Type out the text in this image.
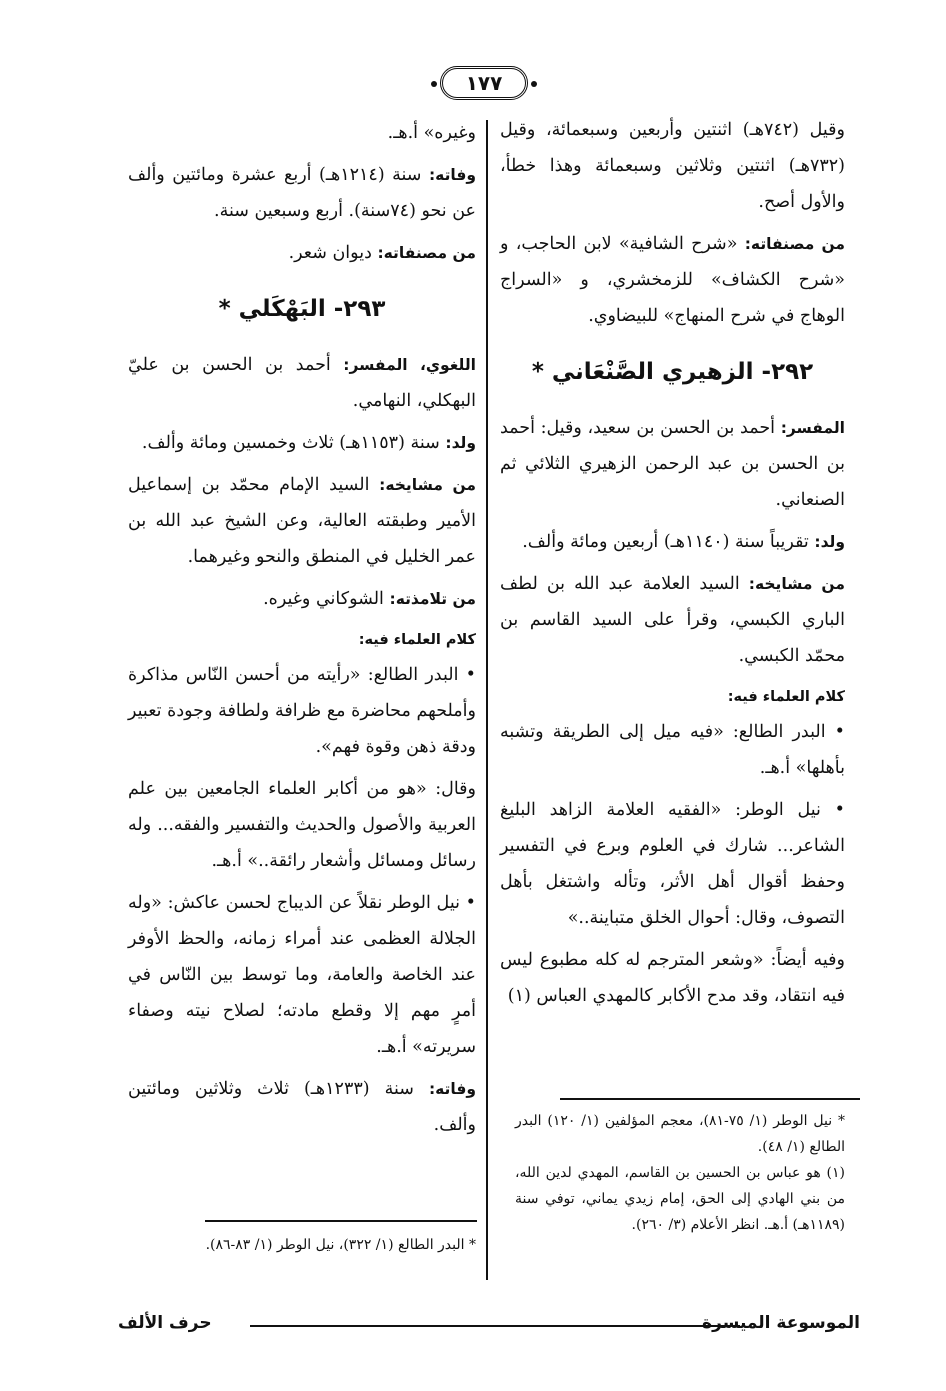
١٧٧

وقيل (٧٤٢هـ) اثنتين وأربعين وسبعمائة، وقيل (٧٣٢هـ) اثنتين وثلاثين وسبعمائة وهذا خطأ، والأول أصح.

من مصنفاته: «شرح الشافية» لابن الحاجب، و «شرح الكشاف» للزمخشري، و «السراج الوهاج في شرح المنهاج» للبيضاوي.

٢٩٢- الزهيري الصَّنْعَاني *

المفسر: أحمد بن الحسن بن سعيد، وقيل: أحمد بن الحسن بن عبد الرحمن الزهيري الثلائي ثم الصنعاني.

ولد: تقريباً سنة (١١٤٠هـ) أربعين ومائة وألف.

من مشايخه: السيد العلامة عبد الله بن لطف الباري الكبسي، وقرأ على السيد القاسم بن محمّد الكبسي.

كلام العلماء فيه:

• البدر الطالع: «فيه ميل إلى الطريقة وتشبه بأهلها» أ.هـ.

• نيل الوطر: «الفقيه العلامة الزاهد البليغ الشاعر... شارك في العلوم وبرع في التفسير وحفظ أقوال أهل الأثر، وتأله واشتغل بأهل التصوف، وقال: أحوال الخلق متباينة..»

وفيه أيضاً: «وشعر المترجم له كله مطبوع ليس فيه انتقاد، وقد مدح الأكابر كالمهدي العباس (١)

* نيل الوطر (١/ ٧٥-٨١)، معجم المؤلفين (١/ ١٢٠) البدر الطالع (١/ ٤٨).
(١) هو عباس بن الحسين بن القاسم، المهدي لدين الله، من بني الهادي إلى الحق، إمام زيدي يماني، توفي سنة (١١٨٩هـ) أ.هـ. انظر الأعلام (٣/ ٢٦٠).

وغيره» أ.هـ.

وفاته: سنة (١٢١٤هـ) أربع عشرة ومائتين وألف عن نحو (٧٤سنة). أربع وسبعين سنة.

من مصنفاته: ديوان شعر.

٢٩٣- البَهْكَلي *

اللغوي، المفسر: أحمد بن الحسن بن عليّ البهكلي، النهامي.

ولد: سنة (١١٥٣هـ) ثلاث وخمسين ومائة وألف.

من مشايخه: السيد الإمام محمّد بن إسماعيل الأمير وطبقته العالية، وعن الشيخ عبد الله بن عمر الخليل في المنطق والنحو وغيرهما.

من تلامذته: الشوكاني وغيره.

كلام العلماء فيه:

• البدر الطالع: «رأيته من أحسن النّاس مذاكرة وأملحهم محاضرة مع ظرافة ولطافة وجودة تعبير ودقة ذهن وقوة فهم».

وقال: «هو من أكابر العلماء الجامعين بين علم العربية والأصول والحديث والتفسير والفقه... وله رسائل ومسائل وأشعار رائقة..» أ.هـ.

• نيل الوطر نقلاً عن الديباج لحسن عاكش: «وله الجلالة العظمى عند أمراء زمانه، والحظ الأوفر عند الخاصة والعامة، وما توسط بين النّاس في أمرٍ مهم إلا وقطع مادته؛ لصلاح نيته وصفاء سريرته» أ.هـ.

وفاته: سنة (١٢٣٣هـ) ثلاث وثلاثين ومائتين وألف.

* البدر الطالع (١/ ٣٢٢)، نيل الوطر (١/ ٨٣-٨٦).
الموسوعة الميسرة
حرف الألف
